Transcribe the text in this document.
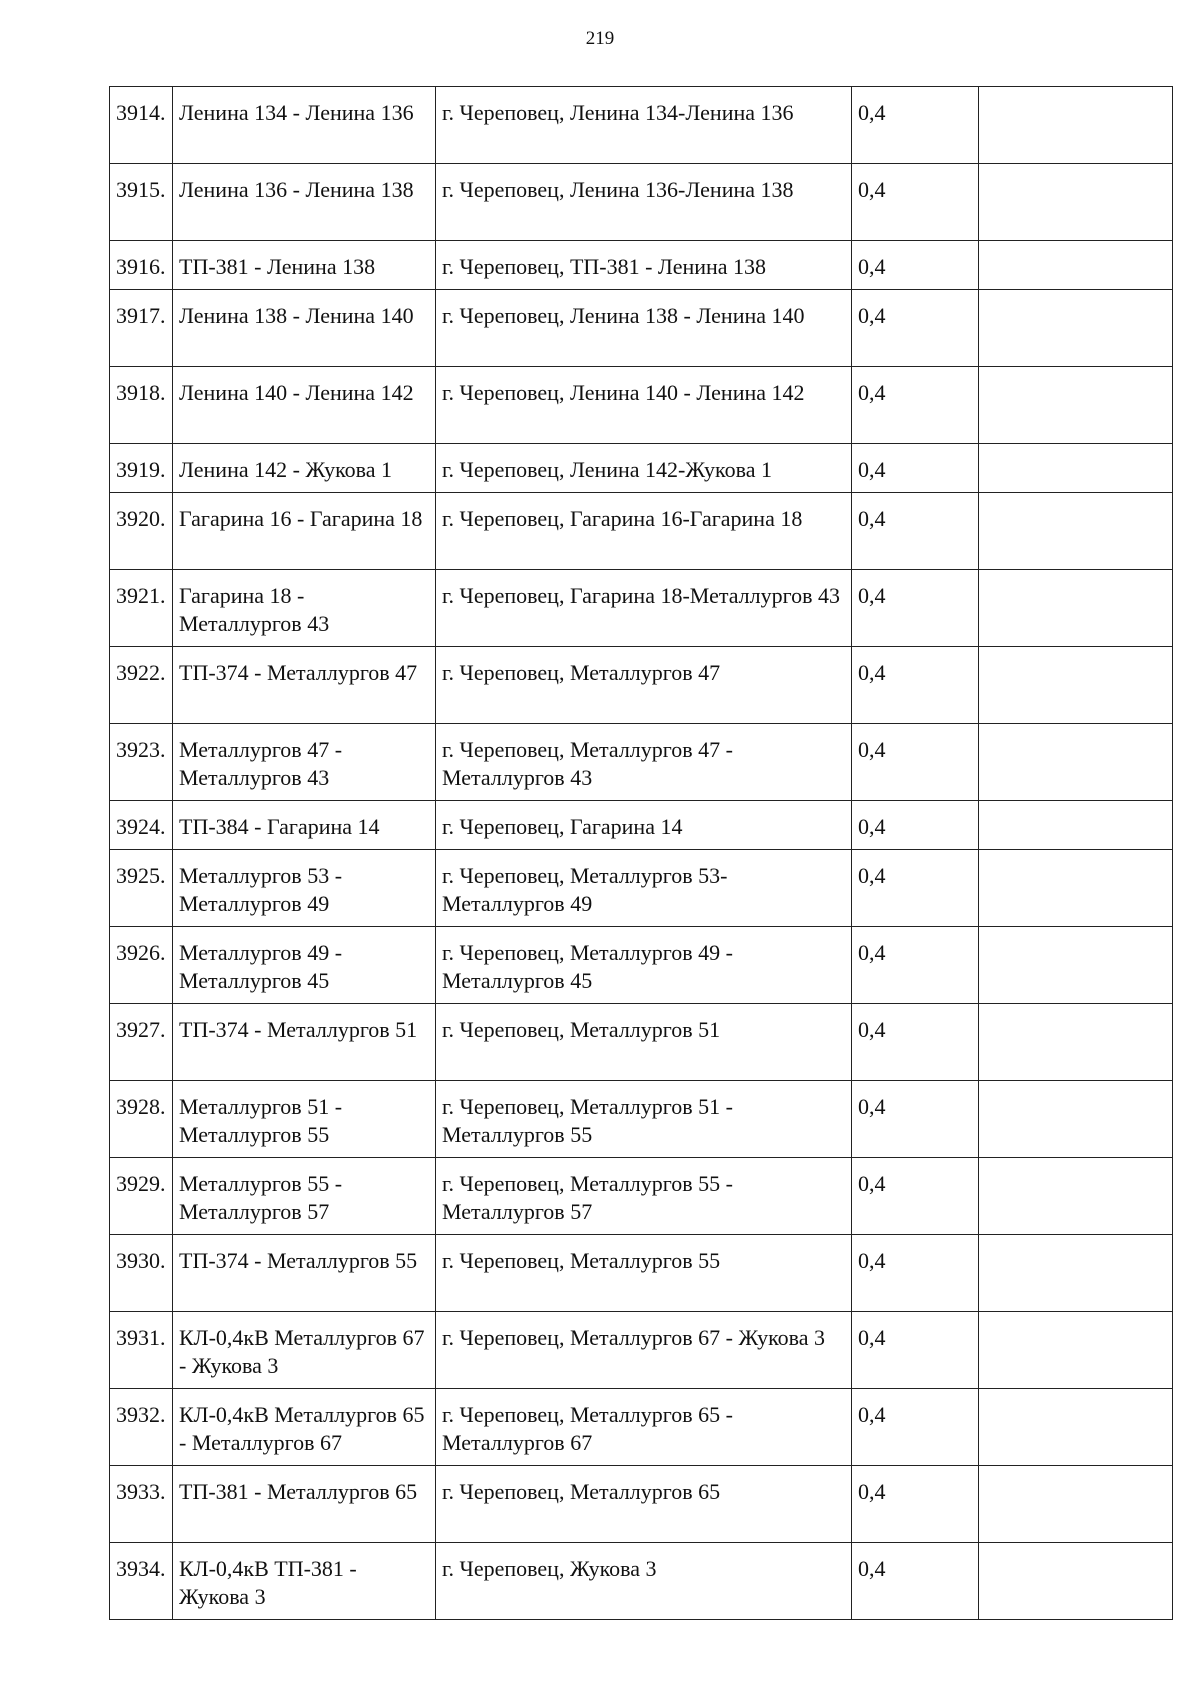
219
3914.	Ленина 134 - Ленина 136	г. Череповец, Ленина 134-Ленина 136	0,4	
3915.	Ленина 136 - Ленина 138	г. Череповец, Ленина 136-Ленина 138	0,4	
3916.	ТП-381 - Ленина 138	г. Череповец, ТП-381 - Ленина 138	0,4	
3917.	Ленина 138 - Ленина 140	г. Череповец, Ленина 138 - Ленина 140	0,4	
3918.	Ленина 140 - Ленина 142	г. Череповец, Ленина 140 - Ленина 142	0,4	
3919.	Ленина 142 - Жукова 1	г. Череповец, Ленина 142-Жукова 1	0,4	
3920.	Гагарина 16 - Гагарина 18	г. Череповец, Гагарина 16-Гагарина 18	0,4	
3921.	Гагарина 18 - Металлургов 43	г. Череповец, Гагарина 18-Металлургов 43	0,4	
3922.	ТП-374 - Металлургов 47	г. Череповец, Металлургов 47	0,4	
3923.	Металлургов 47 - Металлургов 43	г. Череповец, Металлургов 47 - Металлургов 43	0,4	
3924.	ТП-384 - Гагарина 14	г. Череповец, Гагарина 14	0,4	
3925.	Металлургов 53 - Металлургов 49	г. Череповец, Металлургов 53-Металлургов 49	0,4	
3926.	Металлургов 49 - Металлургов 45	г. Череповец, Металлургов 49 - Металлургов 45	0,4	
3927.	ТП-374 - Металлургов 51	г. Череповец, Металлургов 51	0,4	
3928.	Металлургов 51 - Металлургов 55	г. Череповец, Металлургов 51 - Металлургов 55	0,4	
3929.	Металлургов 55 - Металлургов 57	г. Череповец, Металлургов 55 - Металлургов 57	0,4	
3930.	ТП-374 - Металлургов 55	г. Череповец, Металлургов 55	0,4	
3931.	КЛ-0,4кВ Металлургов 67 - Жукова 3	г. Череповец, Металлургов 67 - Жукова 3	0,4	
3932.	КЛ-0,4кВ Металлургов 65 - Металлургов 67	г. Череповец, Металлургов 65 - Металлургов 67	0,4	
3933.	ТП-381 - Металлургов 65	г. Череповец, Металлургов 65	0,4	
3934.	КЛ-0,4кВ ТП-381 - Жукова 3	г. Череповец, Жукова 3	0,4	
